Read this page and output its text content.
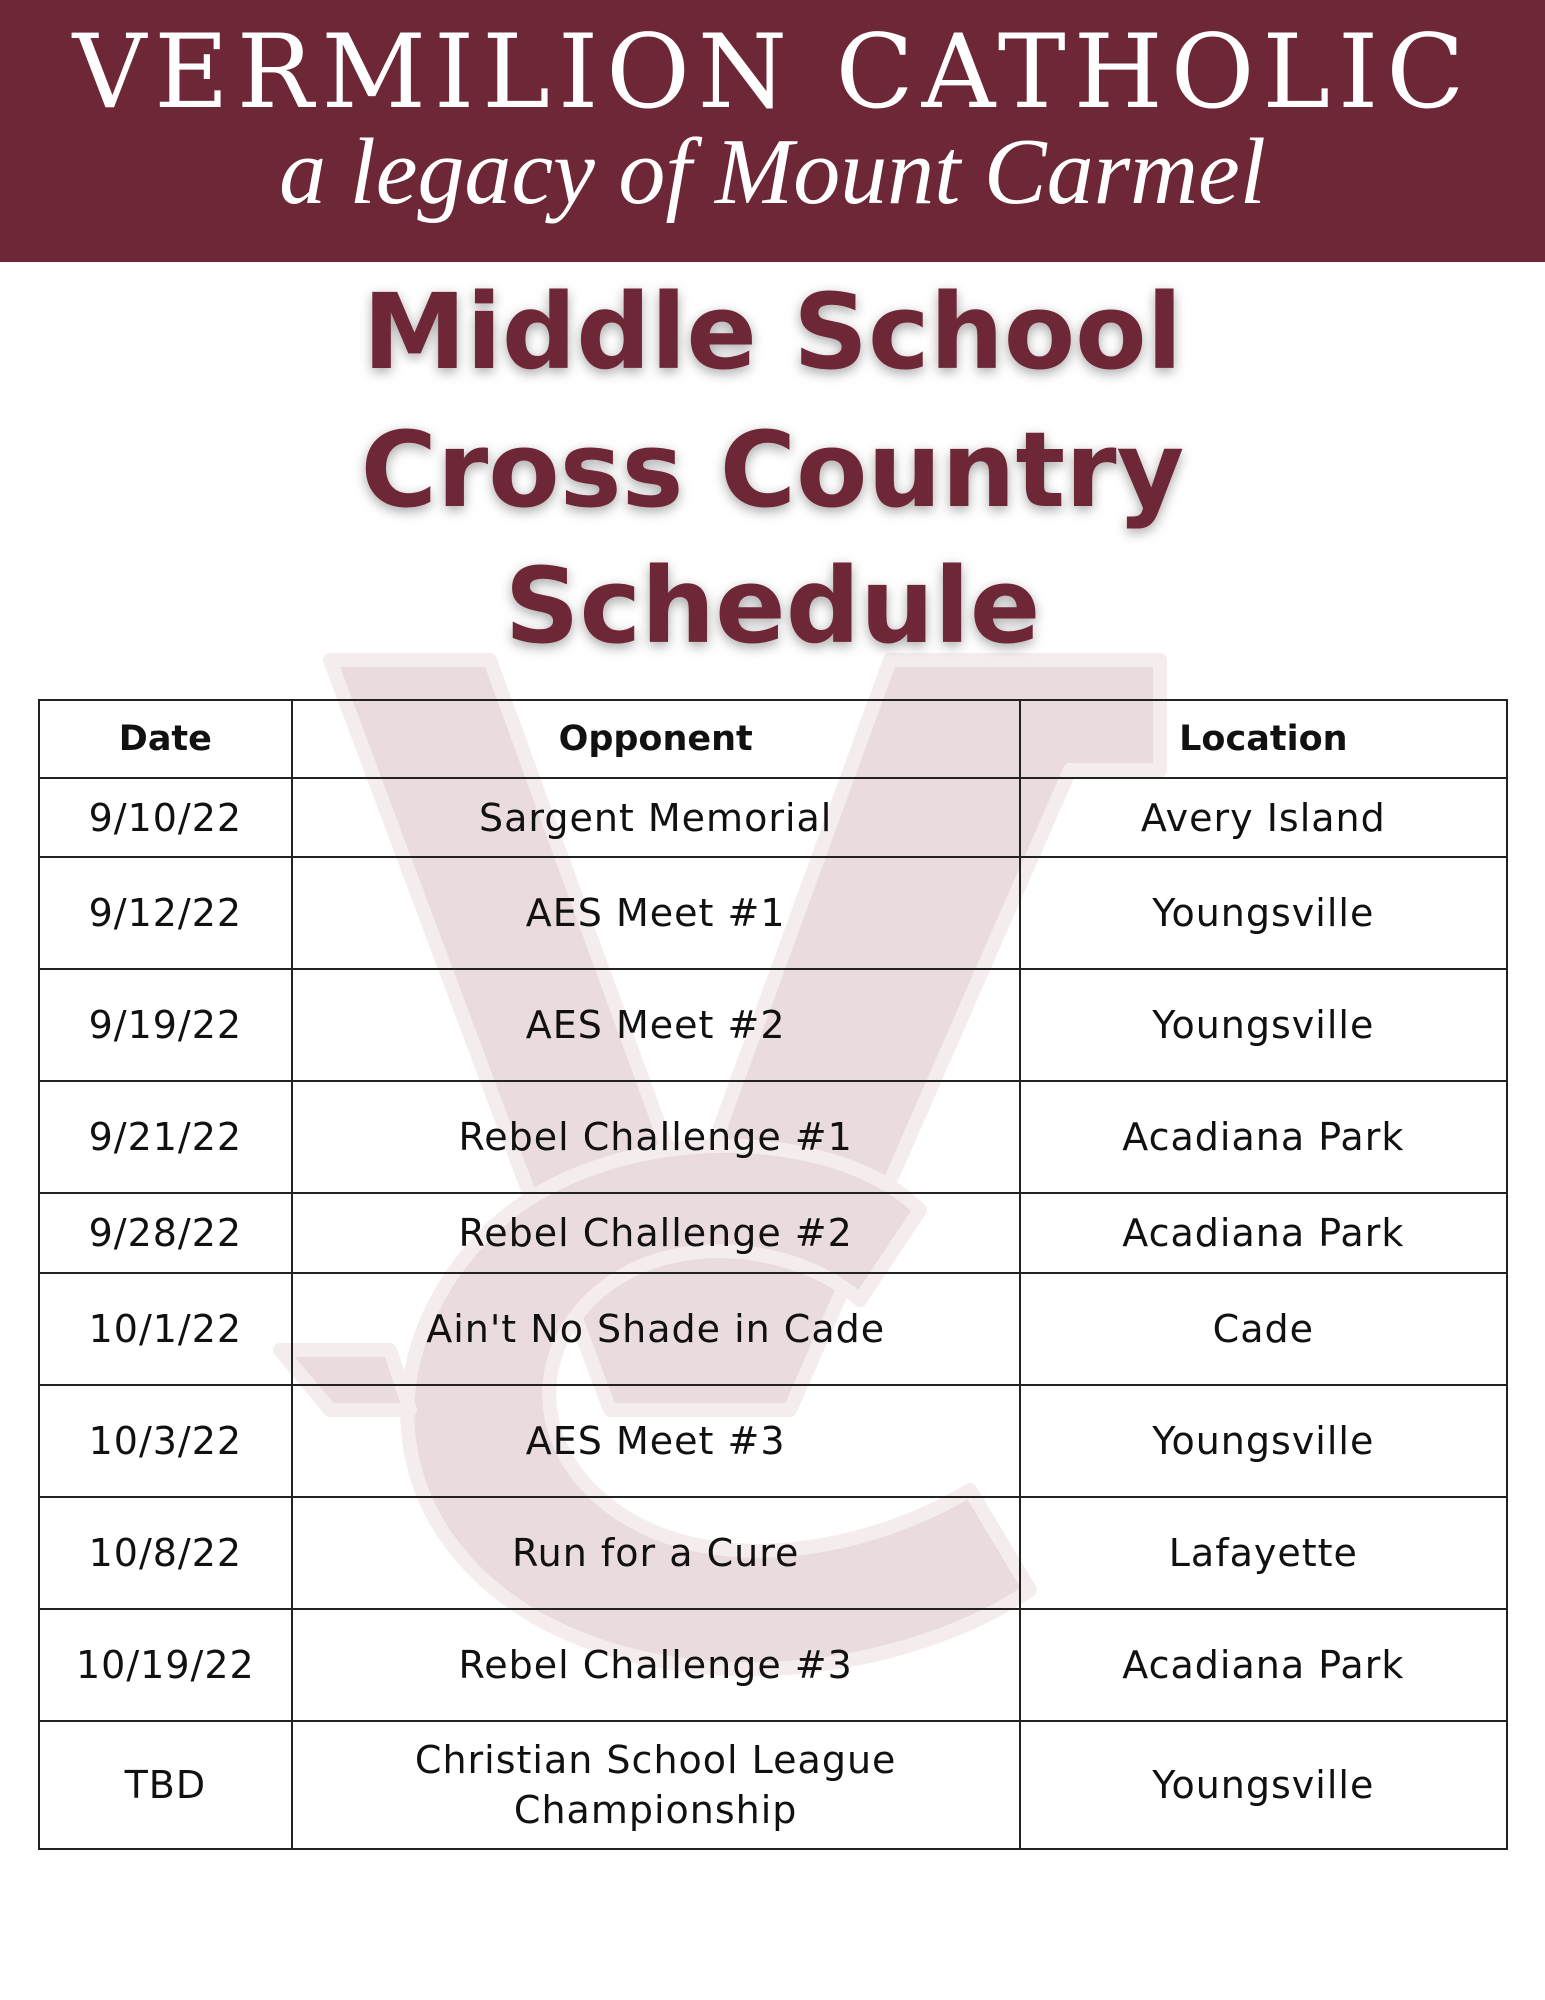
VERMILION CATHOLIC
a legacy of Mount Carmel
Middle School
Cross Country
Schedule
Date	Opponent	Location
9/10/22	Sargent Memorial	Avery Island
9/12/22	AES Meet #1	Youngsville
9/19/22	AES Meet #2	Youngsville
9/21/22	Rebel Challenge #1	Acadiana Park
9/28/22	Rebel Challenge #2	Acadiana Park
10/1/22	Ain't No Shade in Cade	Cade
10/3/22	AES Meet #3	Youngsville
10/8/22	Run for a Cure	Lafayette
10/19/22	Rebel Challenge #3	Acadiana Park
TBD	Christian School League Championship	Youngsville
